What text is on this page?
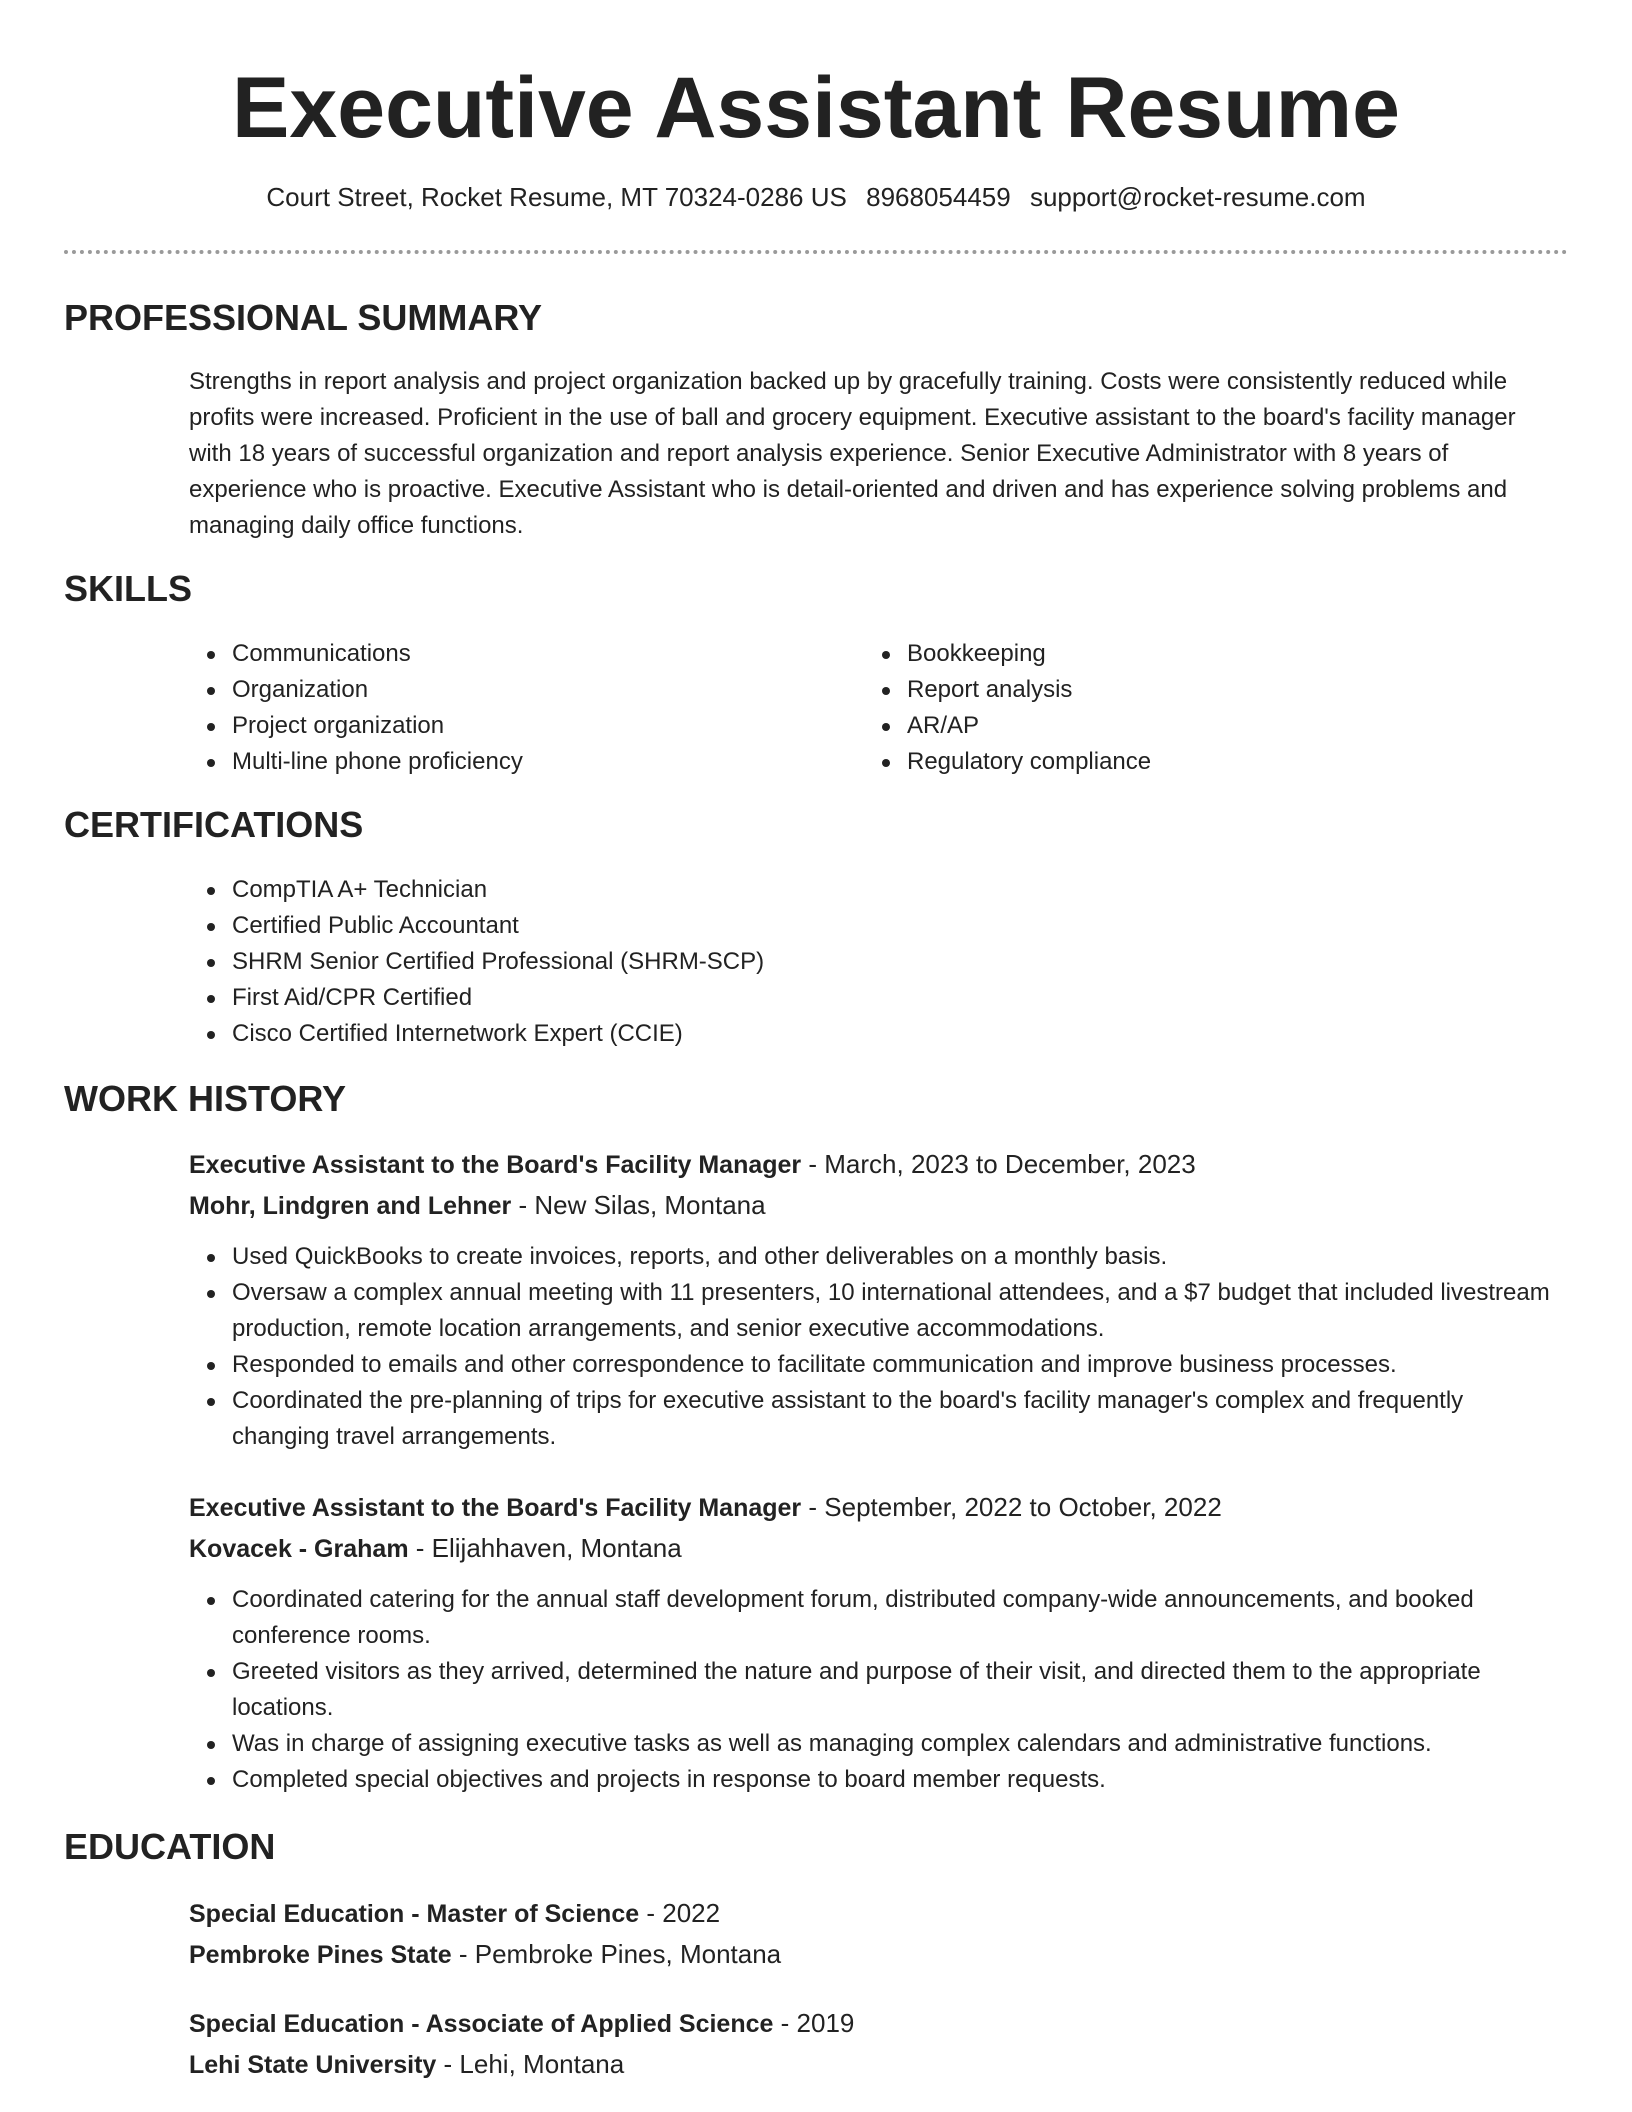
Executive Assistant Resume
Court Street, Rocket Resume, MT 70324-0286 US 8968054459 support@rocket-resume.com
PROFESSIONAL SUMMARY

Strengths in report analysis and project organization backed up by gracefully training. Costs were consistently reduced while profits were increased. Proficient in the use of ball and grocery equipment. Executive assistant to the board's facility manager with 18 years of successful organization and report analysis experience. Senior Executive Administrator with 8 years of experience who is proactive. Executive Assistant who is detail-oriented and driven and has experience solving problems and managing daily office functions.

SKILLS
Communications
Organization
Project organization
Multi-line phone proficiency
Bookkeeping
Report analysis
AR/AP
Regulatory compliance
CERTIFICATIONS
CompTIA A+ Technician
Certified Public Accountant
SHRM Senior Certified Professional (SHRM-SCP)
First Aid/CPR Certified
Cisco Certified Internetwork Expert (CCIE)
WORK HISTORY
Executive Assistant to the Board's Facility Manager - March, 2023 to December, 2023
Mohr, Lindgren and Lehner - New Silas, Montana
Used QuickBooks to create invoices, reports, and other deliverables on a monthly basis.
Oversaw a complex annual meeting with 11 presenters, 10 international attendees, and a $7 budget that included livestream production, remote location arrangements, and senior executive accommodations.
Responded to emails and other correspondence to facilitate communication and improve business processes.
Coordinated the pre-planning of trips for executive assistant to the board's facility manager's complex and frequently changing travel arrangements.
Executive Assistant to the Board's Facility Manager - September, 2022 to October, 2022
Kovacek - Graham - Elijahhaven, Montana
Coordinated catering for the annual staff development forum, distributed company-wide announcements, and booked conference rooms.
Greeted visitors as they arrived, determined the nature and purpose of their visit, and directed them to the appropriate locations.
Was in charge of assigning executive tasks as well as managing complex calendars and administrative functions.
Completed special objectives and projects in response to board member requests.
EDUCATION
Special Education - Master of Science - 2022
Pembroke Pines State - Pembroke Pines, Montana
Special Education - Associate of Applied Science - 2019
Lehi State University - Lehi, Montana
